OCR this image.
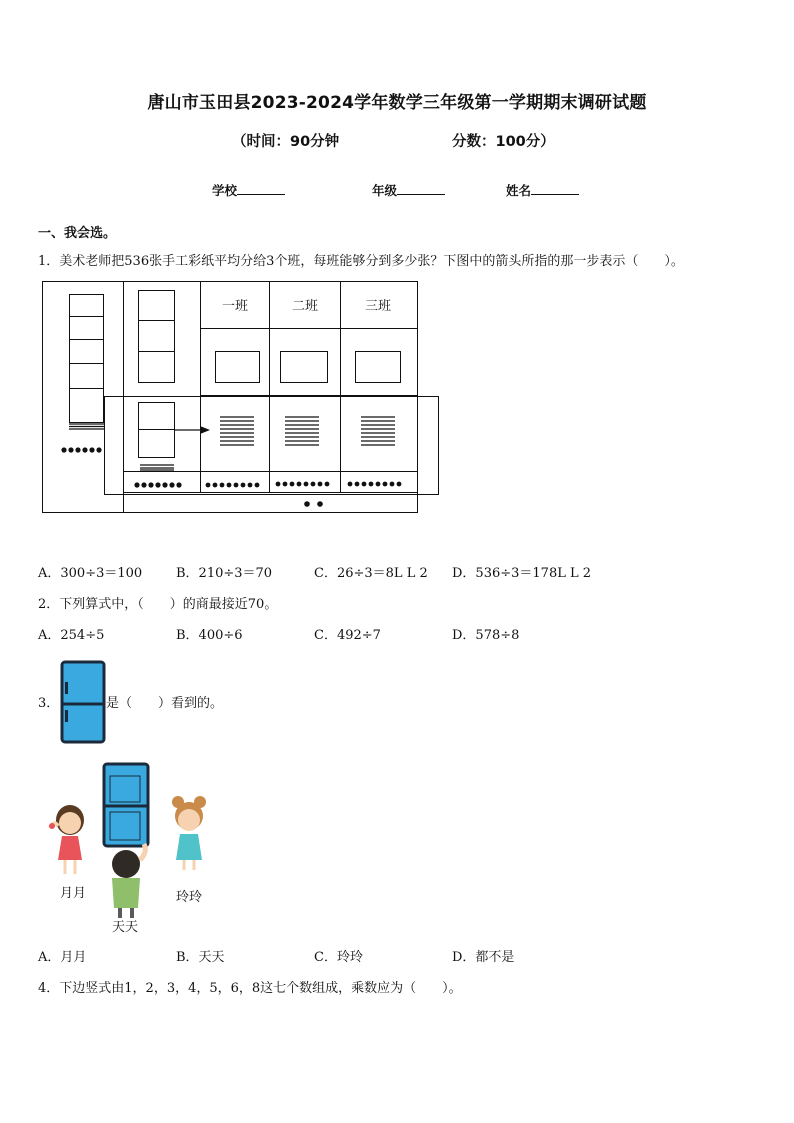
唐山市玉田县2023-2024学年数学三年级第一学期期末调研试题
（时间：90分钟	分数：100分）
学校	年级	姓名
一、我会选。
1．美术老师把536张手工彩纸平均分给3个班，每班能够分到多少张？下图中的箭头所指的那一步表示（　　）。
一班	二班	三班
A．300÷3＝100	B．210÷3＝70	C．26÷3＝8L L 2 D．536÷3＝178L L 2
2．下列算式中，（　　）的商最接近70。
A．254÷5	B．400÷6	C．492÷7	D．578÷8
3．	是（　　）看到的。
月月
天天
玲玲
A．月月	B．天天	C．玲玲	D．都不是
4．下边竖式由1，2，3，4，5，6，8这七个数组成，乘数应为（　　）。
